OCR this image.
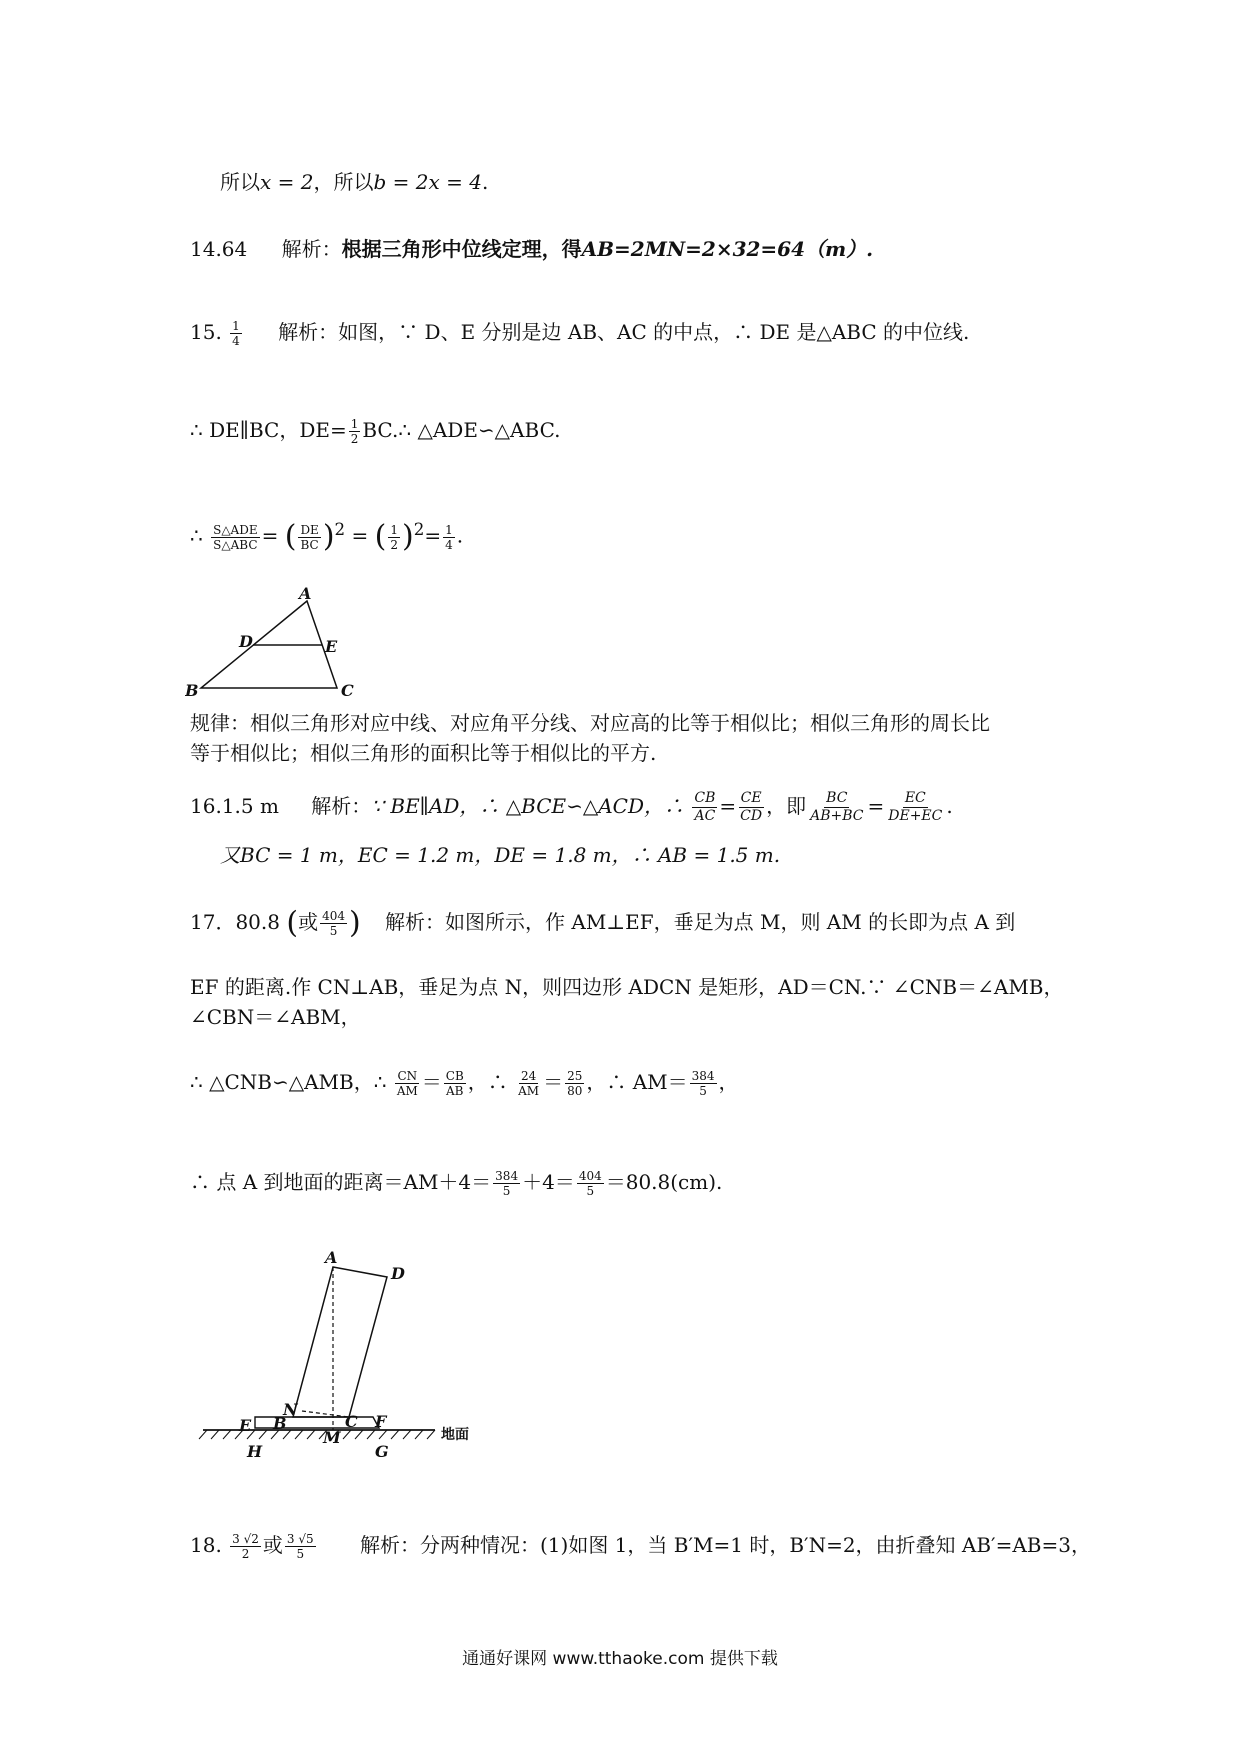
所以x = 2，所以b = 2x = 4.
14.64 解析：根据三角形中位线定理，得AB=2MN=2×32=64（m）.
15. $\frac{1}{4}$ 解析：如图，∵ D、E 分别是边 AB、AC 的中点，∴ DE 是△ABC 的中位线.
∴ DE∥BC，$DE= \frac{1}{2}$ BC.∴ △ADE∽△ABC.
∴ $\frac{\text{S△ADE}}{\text{S△ABC}}$ = ( $\frac{DE}{BC} )^2$ = ( $\frac{1}{2} )^2= \frac{1}{4}$ .
A
D	E
B	C
规律：相似三角形对应中线、对应角平分线、对应高的比等于相似比；相似三角形的周长比
等于相似比；相似三角形的面积比等于相似比的平方.
16.1.5 m 解析：∵ BE∥AD，∴ △BCE∽△ACD，∴ $\frac{CB}{AC} = \frac{CE}{CD}$ ，即 $\frac{BC}{AB+BC} = \frac{EC}{DE+EC}$ .
又BC = 1 m，EC = 1.2 m，DE = 1.8 m，∴ AB = 1.5 m.
17．80.8 (或 $\frac{404}{5}$ ) 解析：如图所示，作 AM⊥EF，垂足为点 M，则 AM 的长即为点 A 到
EF 的距离.作 CN⊥AB，垂足为点 N，则四边形 ADCN 是矩形，AD＝CN.∵ ∠CNB＝∠AMB，
∠CBN＝∠ABM，
∴ △CNB∽△AMB，∴ $\frac{CN}{AM} = \frac{CB}{AB}$ ，∴ $\frac{24}{AM} = \frac{25}{80}$ ，∴ $AM= \frac{384}{5}$ ，
∴ 点 A 到地面的距离$=AM+4= \frac{384}{5} +4= \frac{404}{5} =80.8(cm)$.
A
D
N
E B	C F
M
H	G
地面
18. $\frac{3 √2}{2}$ 或 $\frac{3 √5}{5}$ 解析：分两种情况：(1)如图 1，当 B′M=1 时，B′N=2，由折叠知 AB′=AB=3，
通通好课网 www.tthaoke.com 提供下载
